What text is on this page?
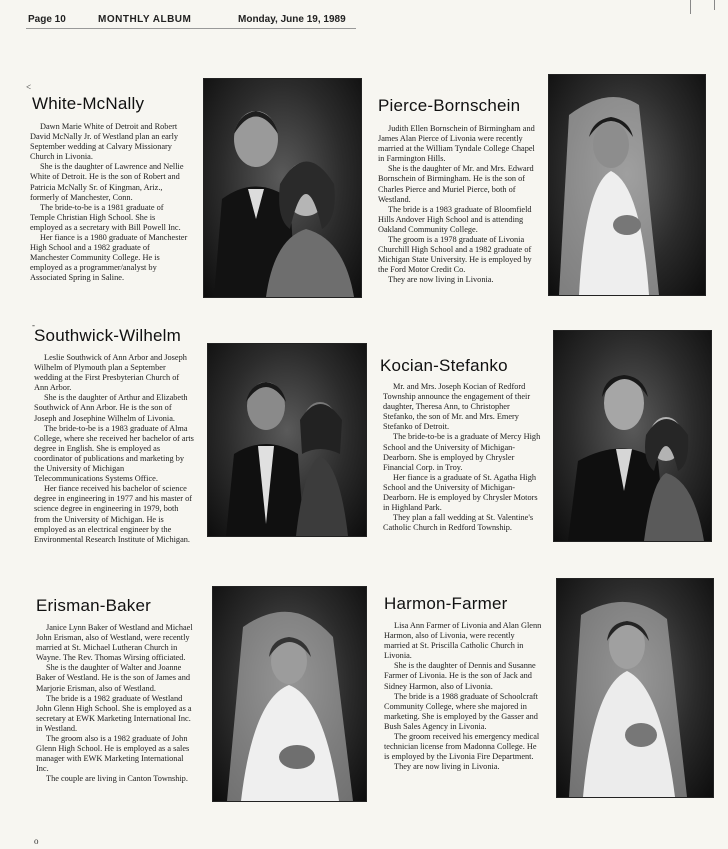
Page 10	MONTHLY ALBUM	Monday, June 19, 1989
White-McNally

Dawn Marie White of Detroit and Robert David McNally Jr. of Westland plan an early September wedding at Calvary Missionary Church in Livonia.

She is the daughter of Lawrence and Nellie White of Detroit. He is the son of Robert and Patricia McNally Sr. of Kingman, Ariz., formerly of Manchester, Conn.

The bride-to-be is a 1981 graduate of Temple Christian High School. She is employed as a secretary with Bill Powell Inc.

Her fiance is a 1980 graduate of Manchester High School and a 1982 graduate of Manchester Community College. He is employed as a programmer/analyst by Associated Spring in Saline.

Pierce-Bornschein

Judith Ellen Bornschein of Birmingham and James Alan Pierce of Livonia were recently married at the William Tyndale College Chapel in Farmington Hills.

She is the daughter of Mr. and Mrs. Edward Bornschein of Birmingham. He is the son of Charles Pierce and Muriel Pierce, both of Westland.

The bride is a 1983 graduate of Bloomfield Hills Andover High School and is attending Oakland Community College.

The groom is a 1978 graduate of Livonia Churchill High School and a 1982 graduate of Michigan State University. He is employed by the Ford Motor Credit Co.

They are now living in Livonia.

Southwick-Wilhelm

Leslie Southwick of Ann Arbor and Joseph Wilhelm of Plymouth plan a September wedding at the First Presbyterian Church of Ann Arbor.

She is the daughter of Arthur and Elizabeth Southwick of Ann Arbor. He is the son of Joseph and Josephine Wilhelm of Livonia.

The bride-to-be is a 1983 graduate of Alma College, where she received her bachelor of arts degree in English. She is employed as coordinator of publications and marketing by the University of Michigan Telecommunications Systems Office.

Her fiance received his bachelor of science degree in engineering in 1977 and his master of science degree in engineering in 1979, both from the University of Michigan. He is employed as an electrical engineer by the Environmental Research Institute of Michigan.

Kocian-Stefanko

Mr. and Mrs. Joseph Kocian of Redford Township announce the engagement of their daughter, Theresa Ann, to Christopher Stefanko, the son of Mr. and Mrs. Emery Stefanko of Detroit.

The bride-to-be is a graduate of Mercy High School and the University of Michigan-Dearborn. She is employed by Chrysler Financial Corp. in Troy.

Her fiance is a graduate of St. Agatha High School and the University of Michigan-Dearborn. He is employed by Chrysler Motors in Highland Park.

They plan a fall wedding at St. Valentine's Catholic Church in Redford Township.

Erisman-Baker

Janice Lynn Baker of Westland and Michael John Erisman, also of Westland, were recently married at St. Michael Lutheran Church in Wayne. The Rev. Thomas Wirsing officiated.

She is the daughter of Walter and Joanne Baker of Westland. He is the son of James and Marjorie Erisman, also of Westland.

The bride is a 1982 graduate of Westland John Glenn High School. She is employed as a secretary at EWK Marketing International Inc. in Westland.

The groom also is a 1982 graduate of John Glenn High School. He is employed as a sales manager with EWK Marketing International Inc.

The couple are living in Canton Township.

Harmon-Farmer

Lisa Ann Farmer of Livonia and Alan Glenn Harmon, also of Livonia, were recently married at St. Priscilla Catholic Church in Livonia.

She is the daughter of Dennis and Susanne Farmer of Livonia. He is the son of Jack and Sidney Harmon, also of Livonia.

The bride is a 1988 graduate of Schoolcraft Community College, where she majored in marketing. She is employed by the Gasser and Bush Sales Agency in Livonia.

The groom received his emergency medical technician license from Madonna College. He is employed by the Livonia Fire Department.

They are now living in Livonia.

<
-
o
